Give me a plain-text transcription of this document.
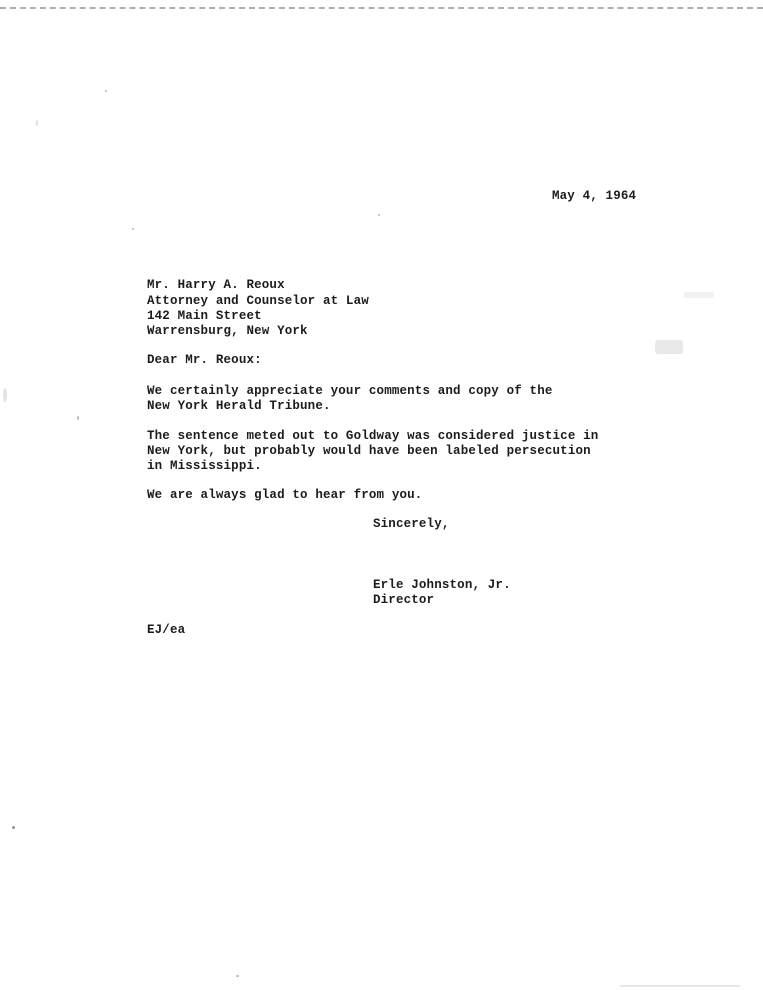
May 4, 1964
Mr. Harry A. Reoux
Attorney and Counselor at Law
142 Main Street
Warrensburg, New York
Dear Mr. Reoux:
We certainly appreciate your comments and copy of the
New York Herald Tribune.
The sentence meted out to Goldway was considered justice in
New York, but probably would have been labeled persecution
in Mississippi.
We are always glad to hear from you.
Sincerely,
Erle Johnston, Jr.
Director
EJ/ea
